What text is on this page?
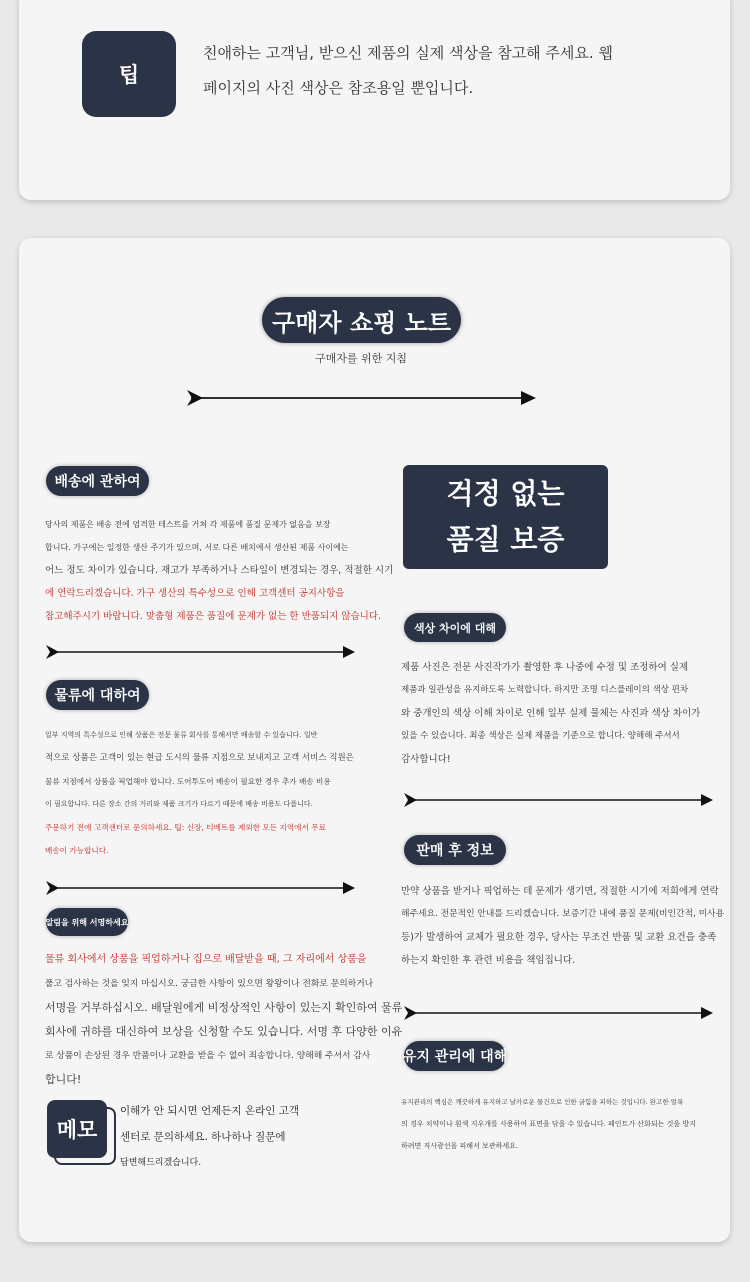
팁
친애하는 고객님, 받으신 제품의 실제 색상을 참고해 주세요. 웹
페이지의 사진 색상은 참조용일 뿐입니다.
구매자 쇼핑 노트
구매자를 위한 지침
배송에 관하여
당사의 제품은 배송 전에 엄격한 테스트를 거쳐 각 제품에 품질 문제가 없음을 보장
합니다. 가구에는 일정한 생산 주기가 있으며, 서로 다른 배치에서 생산된 제품 사이에는
어느 정도 차이가 있습니다. 재고가 부족하거나 스타일이 변경되는 경우, 적절한 시기
에 연락드리겠습니다. 가구 생산의 특수성으로 인해 고객센터 공지사항을
참고해주시기 바랍니다. 맞춤형 제품은 품질에 문제가 없는 한 반품되지 않습니다.
물류에 대하여
일부 지역의 특수성으로 인해 상품은 전문 물류 회사를 통해서만 배송할 수 있습니다. 일반
적으로 상품은 고객이 있는 현급 도시의 물류 지점으로 보내지고 고객 서비스 직원은
물류 지점에서 상품을 픽업해야 합니다. 도어투도어 배송이 필요한 경우 추가 배송 비용
이 필요합니다. 다른 장소 간의 거리와 제품 크기가 다르기 때문에 배송 비용도 다릅니다.
주문하기 전에 고객센터로 문의하세요. 팁: 신장, 티베트를 제외한 모든 지역에서 무료
배송이 가능합니다.
알림을 위해 서명하세요
물류 회사에서 상품을 픽업하거나 집으로 배달받을 때, 그 자리에서 상품을
풀고 검사하는 것을 잊지 마십시오. 궁금한 사항이 있으면 왕왕이나 전화로 문의하거나
서명을 거부하십시오. 배달원에게 비정상적인 사항이 있는지 확인하여 물류
회사에 귀하를 대신하여 보상을 신청할 수도 있습니다. 서명 후 다양한 이유
로 상품이 손상된 경우 반품이나 교환을 받을 수 없어 죄송합니다. 양해해 주셔서 감사
합니다!
메모
이해가 안 되시면 언제든지 온라인 고객
센터로 문의하세요. 하나하나 질문에
답변해드리겠습니다.
걱정 없는
품질 보증
색상 차이에 대해
제품 사진은 전문 사진작가가 촬영한 후 나중에 수정 및 조정하여 실제
제품과 일관성을 유지하도록 노력합니다. 하지만 조명 디스플레이의 색상 편차
와 중개인의 색상 이해 차이로 인해 일부 실제 물체는 사진과 색상 차이가
있을 수 있습니다. 최종 색상은 실제 제품을 기준으로 합니다. 양해해 주셔서
감사합니다!
판매 후 정보
만약 상품을 받거나 픽업하는 데 문제가 생기면, 적절한 시기에 저희에게 연락
해주세요. 전문적인 안내를 드리겠습니다. 보증기간 내에 품질 문제(비인간적, 미사용
등)가 발생하여 교체가 필요한 경우, 당사는 무조건 반품 및 교환 요건을 충족
하는지 확인한 후 관련 비용을 책임집니다.
유지 관리에 대해
유지관리의 핵심은 깨끗하게 유지하고 날카로운 물건으로 인한 긁힘을 피하는 것입니다. 완고한 얼룩
의 경우 치약이나 흰색 지우개를 사용하여 표면을 닦을 수 있습니다. 페인트가 산화되는 것을 방지
하려면 직사광선을 피해서 보관하세요.
